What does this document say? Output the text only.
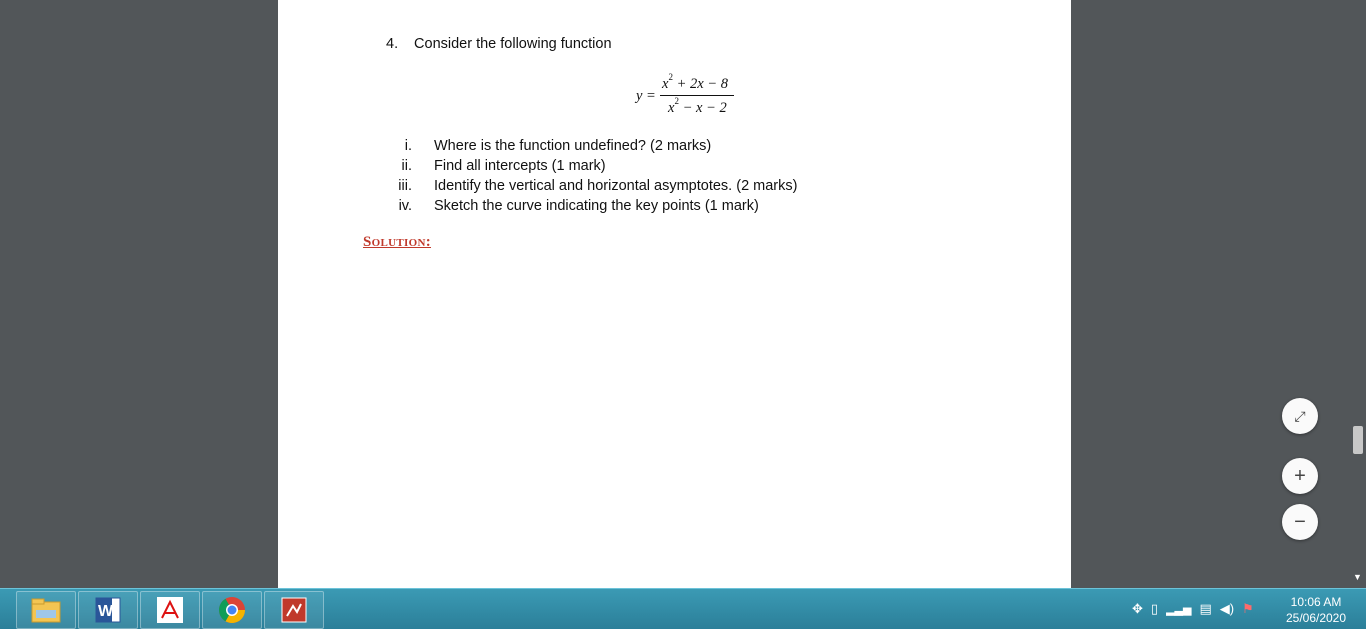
4. Consider the following function
y =
$x^2 + 2x - 8$
$x^2 - x - 2$
i. Where is the function undefined? (2 marks)
ii. Find all intercepts (1 mark)
iii. Identify the vertical and horizontal asymptotes. (2 marks)
iv. Sketch the curve indicating the key points (1 mark)
Solution:
▼
⤢
+
−
W	✥ ▯ ▂▃▅ ▤ ◀) ⚑	10:06 AM
25/06/2020
